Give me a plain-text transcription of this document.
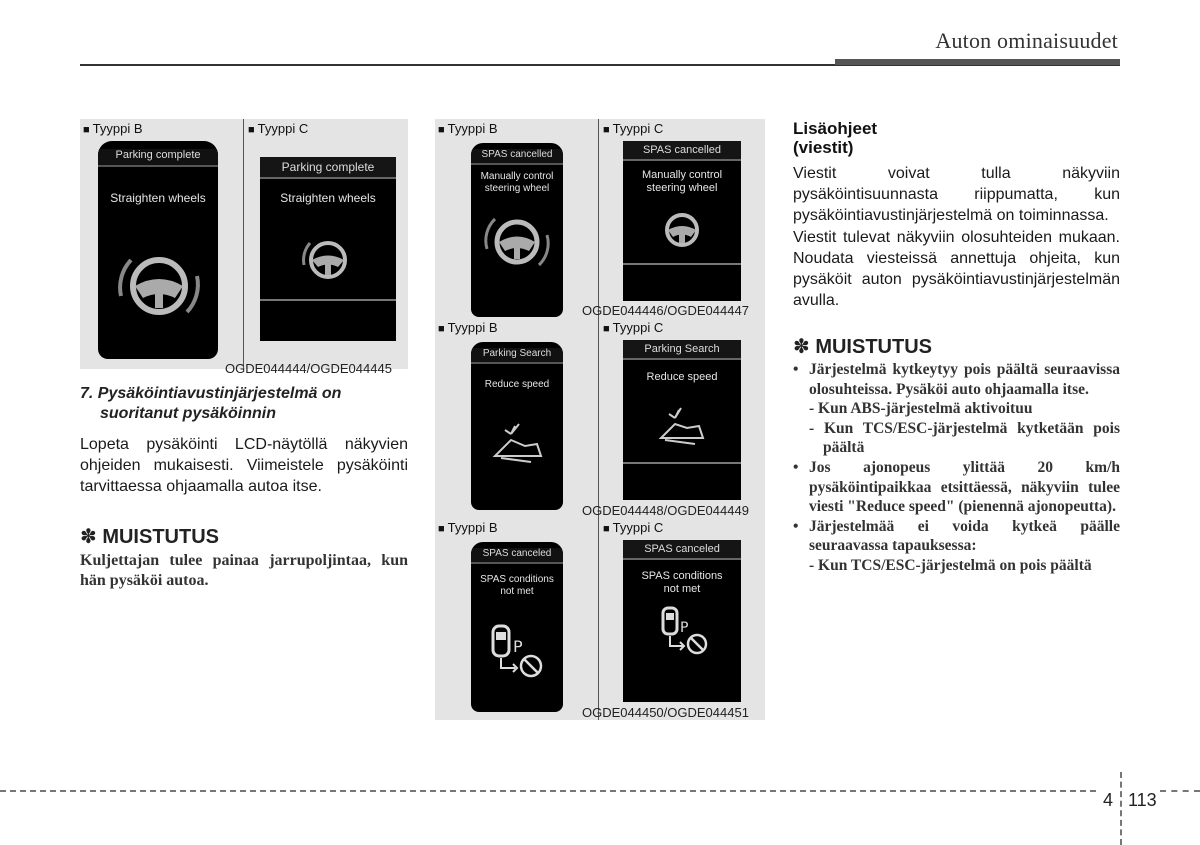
Auton ominaisuudet
■ Tyyppi B	■ Tyyppi C
Parking complete
Straighten wheels
Parking complete
Straighten wheels
OGDE044444/OGDE044445
7. Pysäköintiavustinjärjestelmä on
suoritanut pysäköinnin
Lopeta pysäköinti LCD-näytöllä näkyvien ohjeiden mukaisesti. Viimeistele pysäköinti tarvittaessa ohjaamalla autoa itse.
✽ MUISTUTUS
Kuljettajan tulee painaa jarrupoljintaa, kun hän pysäköi autoa.
■ Tyyppi B	■ Tyyppi C
SPAS cancelled
Manually control
steering wheel
SPAS cancelled
Manually control
steering wheel
OGDE044446/OGDE044447
■ Tyyppi B	■ Tyyppi C
Parking Search
Reduce speed
Parking Search
Reduce speed
OGDE044448/OGDE044449
■ Tyyppi B	■ Tyyppi C
SPAS canceled
SPAS conditions
not met
P
SPAS canceled
SPAS conditions
not met
P
OGDE044450/OGDE044451
Lisäohjeet
(viestit)
Viestit voivat tulla näkyviin pysäköintisuunnasta riippumatta, kun pysäköintiavustinjärjestelmä on toiminnassa.
Viestit tulevat näkyviin olosuhteiden mukaan. Noudata viesteissä annettuja ohjeita, kun pysäköit auton pysäköintiavustinjärjestelmän avulla.
✽ MUISTUTUS
• Järjestelmä kytkeytyy pois päältä seuraavissa olosuhteissa. Pysäköi auto ohjaamalla itse.
- Kun ABS-järjestelmä aktivoituu
- Kun TCS/ESC-järjestelmä kytketään pois päältä
• Jos ajonopeus ylittää 20 km/h pysäköintipaikkaa etsittäessä, näkyviin tulee viesti "Reduce speed" (pienennä ajonopeutta).
• Järjestelmää ei voida kytkeä päälle seuraavassa tapauksessa:
- Kun TCS/ESC-järjestelmä on pois päältä
4 113
